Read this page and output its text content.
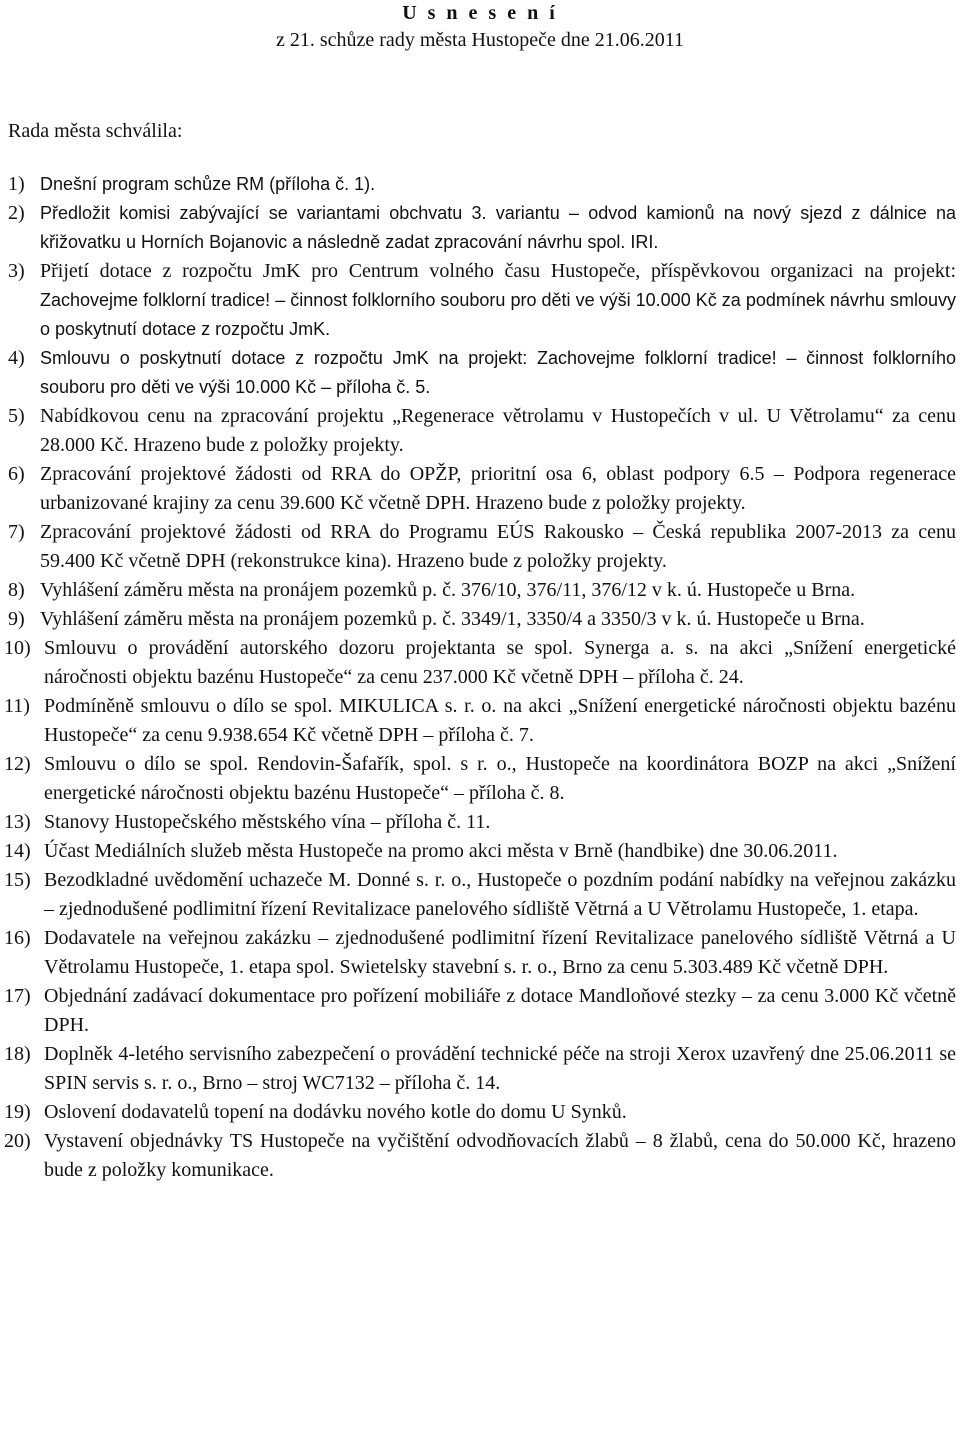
U s n e s e n í
z 21. schůze rady města Hustopeče dne 21.06.2011
Rada města schválila:
1) Dnešní program schůze RM (příloha č. 1).
2) Předložit komisi zabývající se variantami obchvatu 3. variantu – odvod kamionů na nový sjezd z dálnice na křižovatku u Horních Bojanovic a následně zadat zpracování návrhu spol. IRI.
3) Přijetí dotace z rozpočtu JmK pro Centrum volného času Hustopeče, příspěvkovou organizaci na projekt: Zachovejme folklorní tradice! – činnost folklorního souboru pro děti ve výši 10.000 Kč za podmínek návrhu smlouvy o poskytnutí dotace z rozpočtu JmK.
4) Smlouvu o poskytnutí dotace z rozpočtu JmK na projekt: Zachovejme folklorní tradice! – činnost folklorního souboru pro děti ve výši 10.000 Kč – příloha č. 5.
5) Nabídkovou cenu na zpracování projektu „Regenerace větrolamu v Hustopečích v ul. U Větrolamu“ za cenu 28.000 Kč. Hrazeno bude z položky projekty.
6) Zpracování projektové žádosti od RRA do OPŽP, prioritní osa 6, oblast podpory 6.5 – Podpora regenerace urbanizované krajiny za cenu 39.600 Kč včetně DPH. Hrazeno bude z položky projekty.
7) Zpracování projektové žádosti od RRA do Programu EÚS Rakousko – Česká republika 2007-2013 za cenu 59.400 Kč včetně DPH (rekonstrukce kina). Hrazeno bude z položky projekty.
8) Vyhlášení záměru města na pronájem pozemků p. č. 376/10, 376/11, 376/12 v k. ú. Hustopeče u Brna.
9) Vyhlášení záměru města na pronájem pozemků p. č. 3349/1, 3350/4 a 3350/3 v k. ú. Hustopeče u Brna.
10) Smlouvu o provádění autorského dozoru projektanta se spol. Synerga a. s. na akci „Snížení energetické náročnosti objektu bazénu Hustopeče“ za cenu 237.000 Kč včetně DPH – příloha č. 24.
11) Podmíněně smlouvu o dílo se spol. MIKULICA s. r. o. na akci „Snížení energetické náročnosti objektu bazénu Hustopeče“ za cenu 9.938.654 Kč včetně DPH – příloha č. 7.
12) Smlouvu o dílo se spol. Rendovin-Šafařík, spol. s r. o., Hustopeče na koordinátora BOZP na akci „Snížení energetické náročnosti objektu bazénu Hustopeče“ – příloha č. 8.
13) Stanovy Hustopečského městského vína – příloha č. 11.
14) Účast Mediálních služeb města Hustopeče na promo akci města v Brně (handbike) dne 30.06.2011.
15) Bezodkladné uvědomění uchazeče M. Donné s. r. o., Hustopeče o pozdním podání nabídky na veřejnou zakázku – zjednodušené podlimitní řízení Revitalizace panelového sídliště Větrná a U Větrolamu Hustopeče, 1. etapa.
16) Dodavatele na veřejnou zakázku – zjednodušené podlimitní řízení Revitalizace panelového sídliště Větrná a U Větrolamu Hustopeče, 1. etapa spol. Swietelsky stavební s. r. o., Brno za cenu 5.303.489 Kč včetně DPH.
17) Objednání zadávací dokumentace pro pořízení mobiliáře z dotace Mandloňové stezky – za cenu 3.000 Kč včetně DPH.
18) Doplněk 4-letého servisního zabezpečení o provádění technické péče na stroji Xerox uzavřený dne 25.06.2011 se SPIN servis s. r. o., Brno – stroj WC7132 – příloha č. 14.
19) Oslovení dodavatelů topení na dodávku nového kotle do domu U Synků.
20) Vystavení objednávky TS Hustopeče na vyčištění odvodňovacích žlabů – 8 žlabů, cena do 50.000 Kč, hrazeno bude z položky komunikace.
